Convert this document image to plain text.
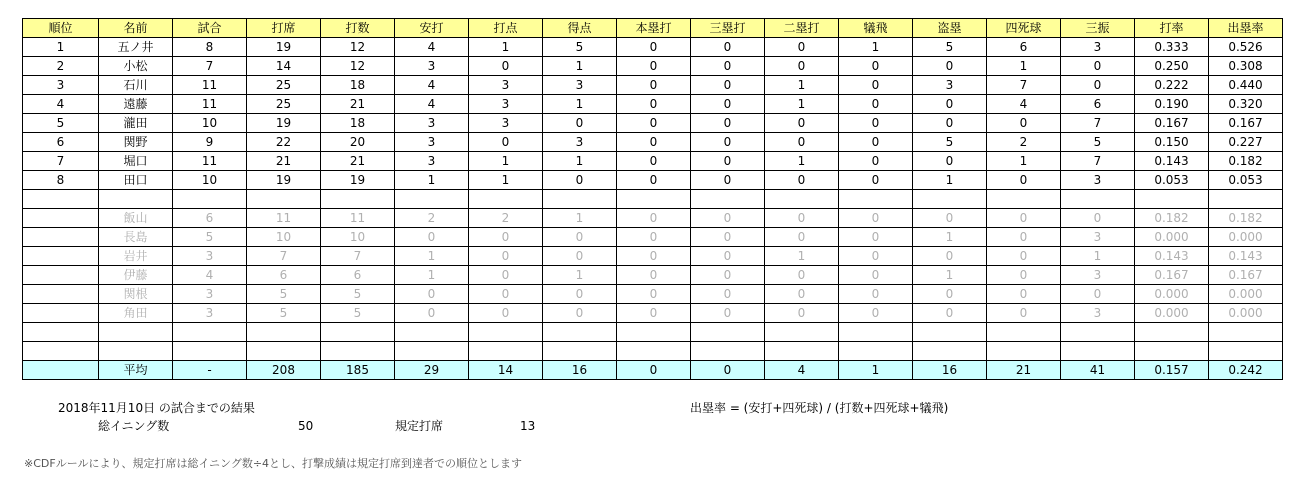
順位	名前	試合	打席	打数	安打	打点	得点	本塁打	三塁打	二塁打	犠飛	盗塁	四死球	三振	打率	出塁率
1	五ノ井	8	19	12	4	1	5	0	0	0	1	5	6	3	0.333	0.526
2	小松	7	14	12	3	0	1	0	0	0	0	0	1	0	0.250	0.308
3	石川	11	25	18	4	3	3	0	0	1	0	3	7	0	0.222	0.440
4	遠藤	11	25	21	4	3	1	0	0	1	0	0	4	6	0.190	0.320
5	瀧田	10	19	18	3	3	0	0	0	0	0	0	0	7	0.167	0.167
6	関野	9	22	20	3	0	3	0	0	0	0	5	2	5	0.150	0.227
7	堀口	11	21	21	3	1	1	0	0	1	0	0	1	7	0.143	0.182
8	田口	10	19	19	1	1	0	0	0	0	0	1	0	3	0.053	0.053

	飯山	6	11	11	2	2	1	0	0	0	0	0	0	0	0.182	0.182
	長島	5	10	10	0	0	0	0	0	0	0	1	0	3	0.000	0.000
	岩井	3	7	7	1	0	0	0	0	1	0	0	0	1	0.143	0.143
	伊藤	4	6	6	1	0	1	0	0	0	0	1	0	3	0.167	0.167
	関根	3	5	5	0	0	0	0	0	0	0	0	0	0	0.000	0.000
	角田	3	5	5	0	0	0	0	0	0	0	0	0	3	0.000	0.000

	平均	-	208	185	29	14	16	0	0	4	1	16	21	41	0.157	0.242
2018年11月10日 の試合までの結果
総イニング数	50	規定打席	13
出塁率 = (安打+四死球) / (打数+四死球+犠飛)
※CDFルールにより、規定打席は総イニング数÷4とし、打撃成績は規定打席到達者での順位とします
